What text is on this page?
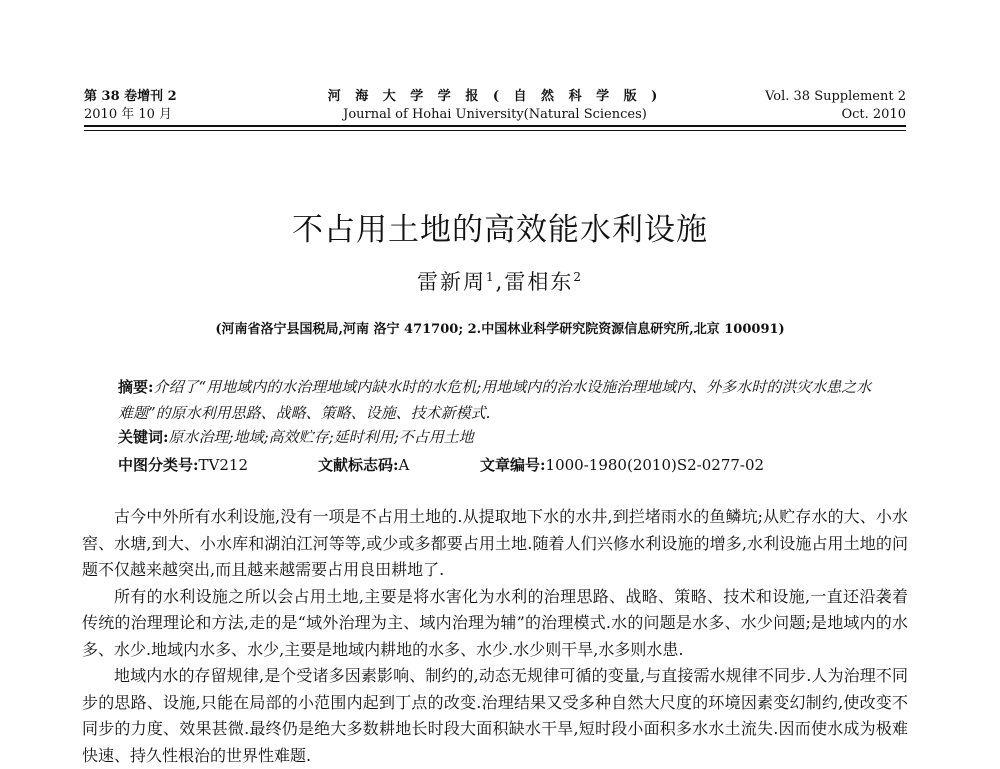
第 38 卷增刊 2
2010 年 10 月
河 海 大 学 学 报 ( 自 然 科 学 版 )
Journal of Hohai University(Natural Sciences)
Vol. 38 Supplement 2
Oct. 2010
不占用土地的高效能水利设施
雷新周$^1$,雷相东$^2$
(河南省洛宁县国税局,河南 洛宁 471700; 2.中国林业科学研究院资源信息研究所,北京 100091)
摘要:介绍了“用地域内的水治理地域内缺水时的水危机;用地域内的治水设施治理地域内、外多水时的洪灾水患之水难题”的原水利用思路、战略、策略、设施、技术新模式.
关键词:原水治理;地域;高效贮存;延时利用;不占用土地
中图分类号:TV212	文献标志码:A	文章编号:1000-1980(2010)S2-0277-02

古今中外所有水利设施,没有一项是不占用土地的.从提取地下水的水井,到拦堵雨水的鱼鳞坑;从贮存水的大、小水窖、水塘,到大、小水库和湖泊江河等等,或少或多都要占用土地.随着人们兴修水利设施的增多,水利设施占用土地的问题不仅越来越突出,而且越来越需要占用良田耕地了.

所有的水利设施之所以会占用土地,主要是将水害化为水利的治理思路、战略、策略、技术和设施,一直还沿袭着传统的治理理论和方法,走的是“域外治理为主、域内治理为辅”的治理模式.水的问题是水多、水少问题;是地域内的水多、水少.地域内水多、水少,主要是地域内耕地的水多、水少.水少则干旱,水多则水患.

地域内水的存留规律,是个受诸多因素影响、制约的,动态无规律可循的变量,与直接需水规律不同步.人为治理不同步的思路、设施,只能在局部的小范围内起到丁点的改变.治理结果又受多种自然大尺度的环境因素变幻制约,使改变不同步的力度、效果甚微.最终仍是绝大多数耕地长时段大面积缺水干旱,短时段小面积多水水土流失.因而使水成为极难快速、持久性根治的世界性难题.
